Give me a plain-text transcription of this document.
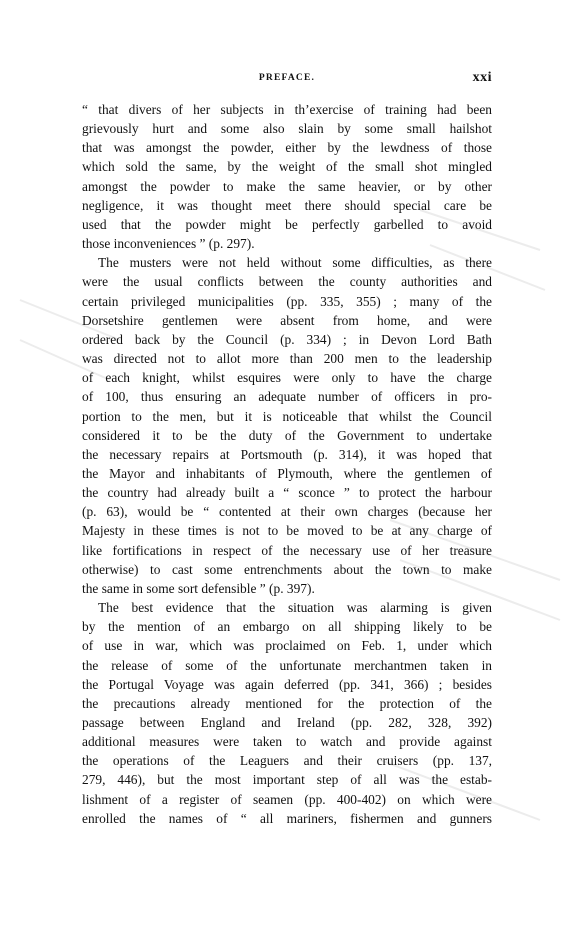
PREFACE.	xxi

“ that divers of her subjects in th’exercise of training had been
grievously hurt and some also slain by some small hailshot
that was amongst the powder, either by the lewdness of those
which sold the same, by the weight of the small shot mingled
amongst the powder to make the same heavier, or by other
negligence, it was thought meet there should special care be
used that the powder might be perfectly garbelled to avoid
those inconveniences ” (p. 297).

The musters were not held without some difficulties, as there
were the usual conflicts between the county authorities and
certain privileged municipalities (pp. 335, 355) ; many of the
Dorsetshire gentlemen were absent from home, and were
ordered back by the Council (p. 334) ; in Devon Lord Bath
was directed not to allot more than 200 men to the leadership
of each knight, whilst esquires were only to have the charge
of 100, thus ensuring an adequate number of officers in pro-
portion to the men, but it is noticeable that whilst the Council
considered it to be the duty of the Government to undertake
the necessary repairs at Portsmouth (p. 314), it was hoped that
the Mayor and inhabitants of Plymouth, where the gentlemen of
the country had already built a “ sconce ” to protect the harbour
(p. 63), would be “ contented at their own charges (because her
Majesty in these times is not to be moved to be at any charge of
like fortifications in respect of the necessary use of her treasure
otherwise) to cast some entrenchments about the town to make
the same in some sort defensible ” (p. 397).

The best evidence that the situation was alarming is given
by the mention of an embargo on all shipping likely to be
of use in war, which was proclaimed on Feb. 1, under which
the release of some of the unfortunate merchantmen taken in
the Portugal Voyage was again deferred (pp. 341, 366) ; besides
the precautions already mentioned for the protection of the
passage between England and Ireland (pp. 282, 328, 392)
additional measures were taken to watch and provide against
the operations of the Leaguers and their cruisers (pp. 137,
279, 446), but the most important step of all was the estab-
lishment of a register of seamen (pp. 400-402) on which were
enrolled the names of “ all mariners, fishermen and gunners
